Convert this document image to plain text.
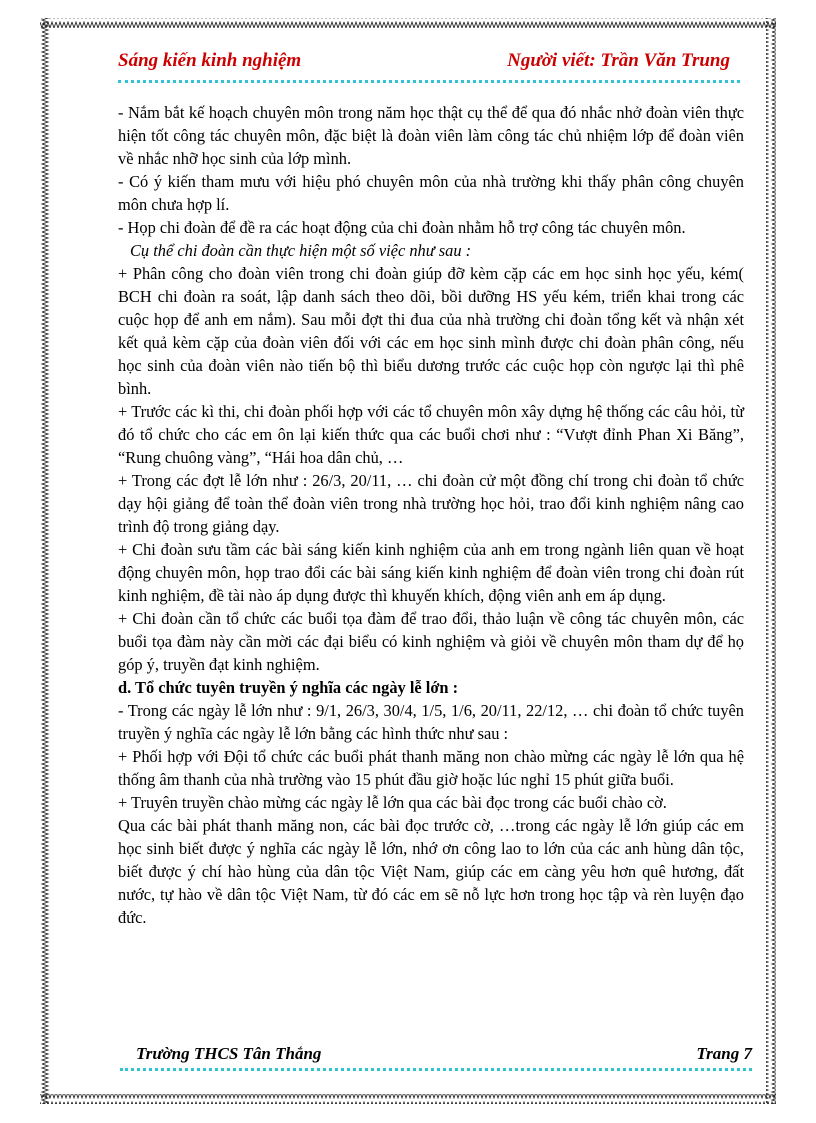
Sáng kiến kinh nghiệm	Người viết: Trần Văn Trung

- Nắm bắt kế hoạch chuyên môn trong năm học thật cụ thể để qua đó nhắc nhở đoàn viên thực hiện tốt công tác chuyên môn, đặc biệt là đoàn viên làm công tác chủ nhiệm lớp để đoàn viên về nhắc nhỡ học sinh của lớp mình.

- Có ý kiến tham mưu với hiệu phó chuyên môn của nhà trường khi thấy phân công chuyên môn chưa hợp lí.

- Họp chi đoàn để đề ra các hoạt động của chi đoàn nhằm hỗ trợ công tác chuyên môn.

Cụ thể chi đoàn cần thực hiện một số việc như sau :

+ Phân công cho đoàn viên trong chi đoàn giúp đỡ kèm cặp các em học sinh học yếu, kém( BCH chi đoàn ra soát, lập danh sách theo dõi, bồi dưỡng HS yếu kém, triển khai trong các cuộc họp để anh em nắm). Sau mỗi đợt thi đua của nhà trường chi đoàn tổng kết và nhận xét kết quả kèm cặp của đoàn viên đối với các em học sinh mình được chi đoàn phân công, nếu học sinh của đoàn viên nào tiến bộ thì biểu dương trước các cuộc họp còn ngược lại thì phê bình.

+ Trước các kì thi, chi đoàn phối hợp với các tổ chuyên môn xây dựng hệ thống các câu hỏi, từ đó tổ chức cho các em ôn lại kiến thức qua các buổi chơi như : “Vượt đỉnh Phan Xi Băng”, “Rung chuông vàng”, “Hái hoa dân chủ, …

+ Trong các đợt lễ lớn như : 26/3, 20/11, … chi đoàn cử một đồng chí trong chi đoàn tổ chức dạy hội giảng để toàn thể đoàn viên trong nhà trường học hỏi, trao đổi kinh nghiệm nâng cao trình độ trong giảng dạy.

+ Chi đoàn sưu tầm các bài sáng kiến kinh nghiệm của anh em trong ngành liên quan về hoạt động chuyên môn, họp trao đổi các bài sáng kiến kinh nghiệm để đoàn viên trong chi đoàn rút kinh nghiệm, đề tài nào áp dụng được thì khuyến khích, động viên anh em áp dụng.

+ Chi đoàn cần tổ chức các buổi tọa đàm để trao đổi, thảo luận về công tác chuyên môn, các buổi tọa đàm này cần mời các đại biểu có kinh nghiệm và giỏi về chuyên môn tham dự để họ góp ý, truyền đạt kinh nghiệm.

d. Tổ chức tuyên truyền ý nghĩa các ngày lễ lớn :

- Trong các ngày lễ lớn như : 9/1, 26/3, 30/4, 1/5, 1/6, 20/11, 22/12, … chi đoàn tổ chức tuyên truyền ý nghĩa các ngày lễ lớn bằng các hình thức như sau :

+ Phối hợp với Đội tổ chức các buổi phát thanh măng non chào mừng các ngày lễ lớn qua hệ thống âm thanh của nhà trường vào 15 phút đầu giờ hoặc lúc nghỉ 15 phút giữa buổi.

+ Truyên truyền chào mừng các ngày lễ lớn qua các bài đọc trong các buổi chào cờ.

Qua các bài phát thanh măng non, các bài đọc trước cờ, …trong các ngày lễ lớn giúp các em học sinh biết được ý nghĩa các ngày lễ lớn, nhớ ơn công lao to lớn của các anh hùng dân tộc, biết được ý chí hào hùng của dân tộc Việt Nam, giúp các em càng yêu hơn quê hương, đất nước, tự hào về dân tộc Việt Nam, từ đó các em sẽ nỗ lực hơn trong học tập và rèn luyện đạo đức.

Trường THCS Tân Thắng	Trang 7
